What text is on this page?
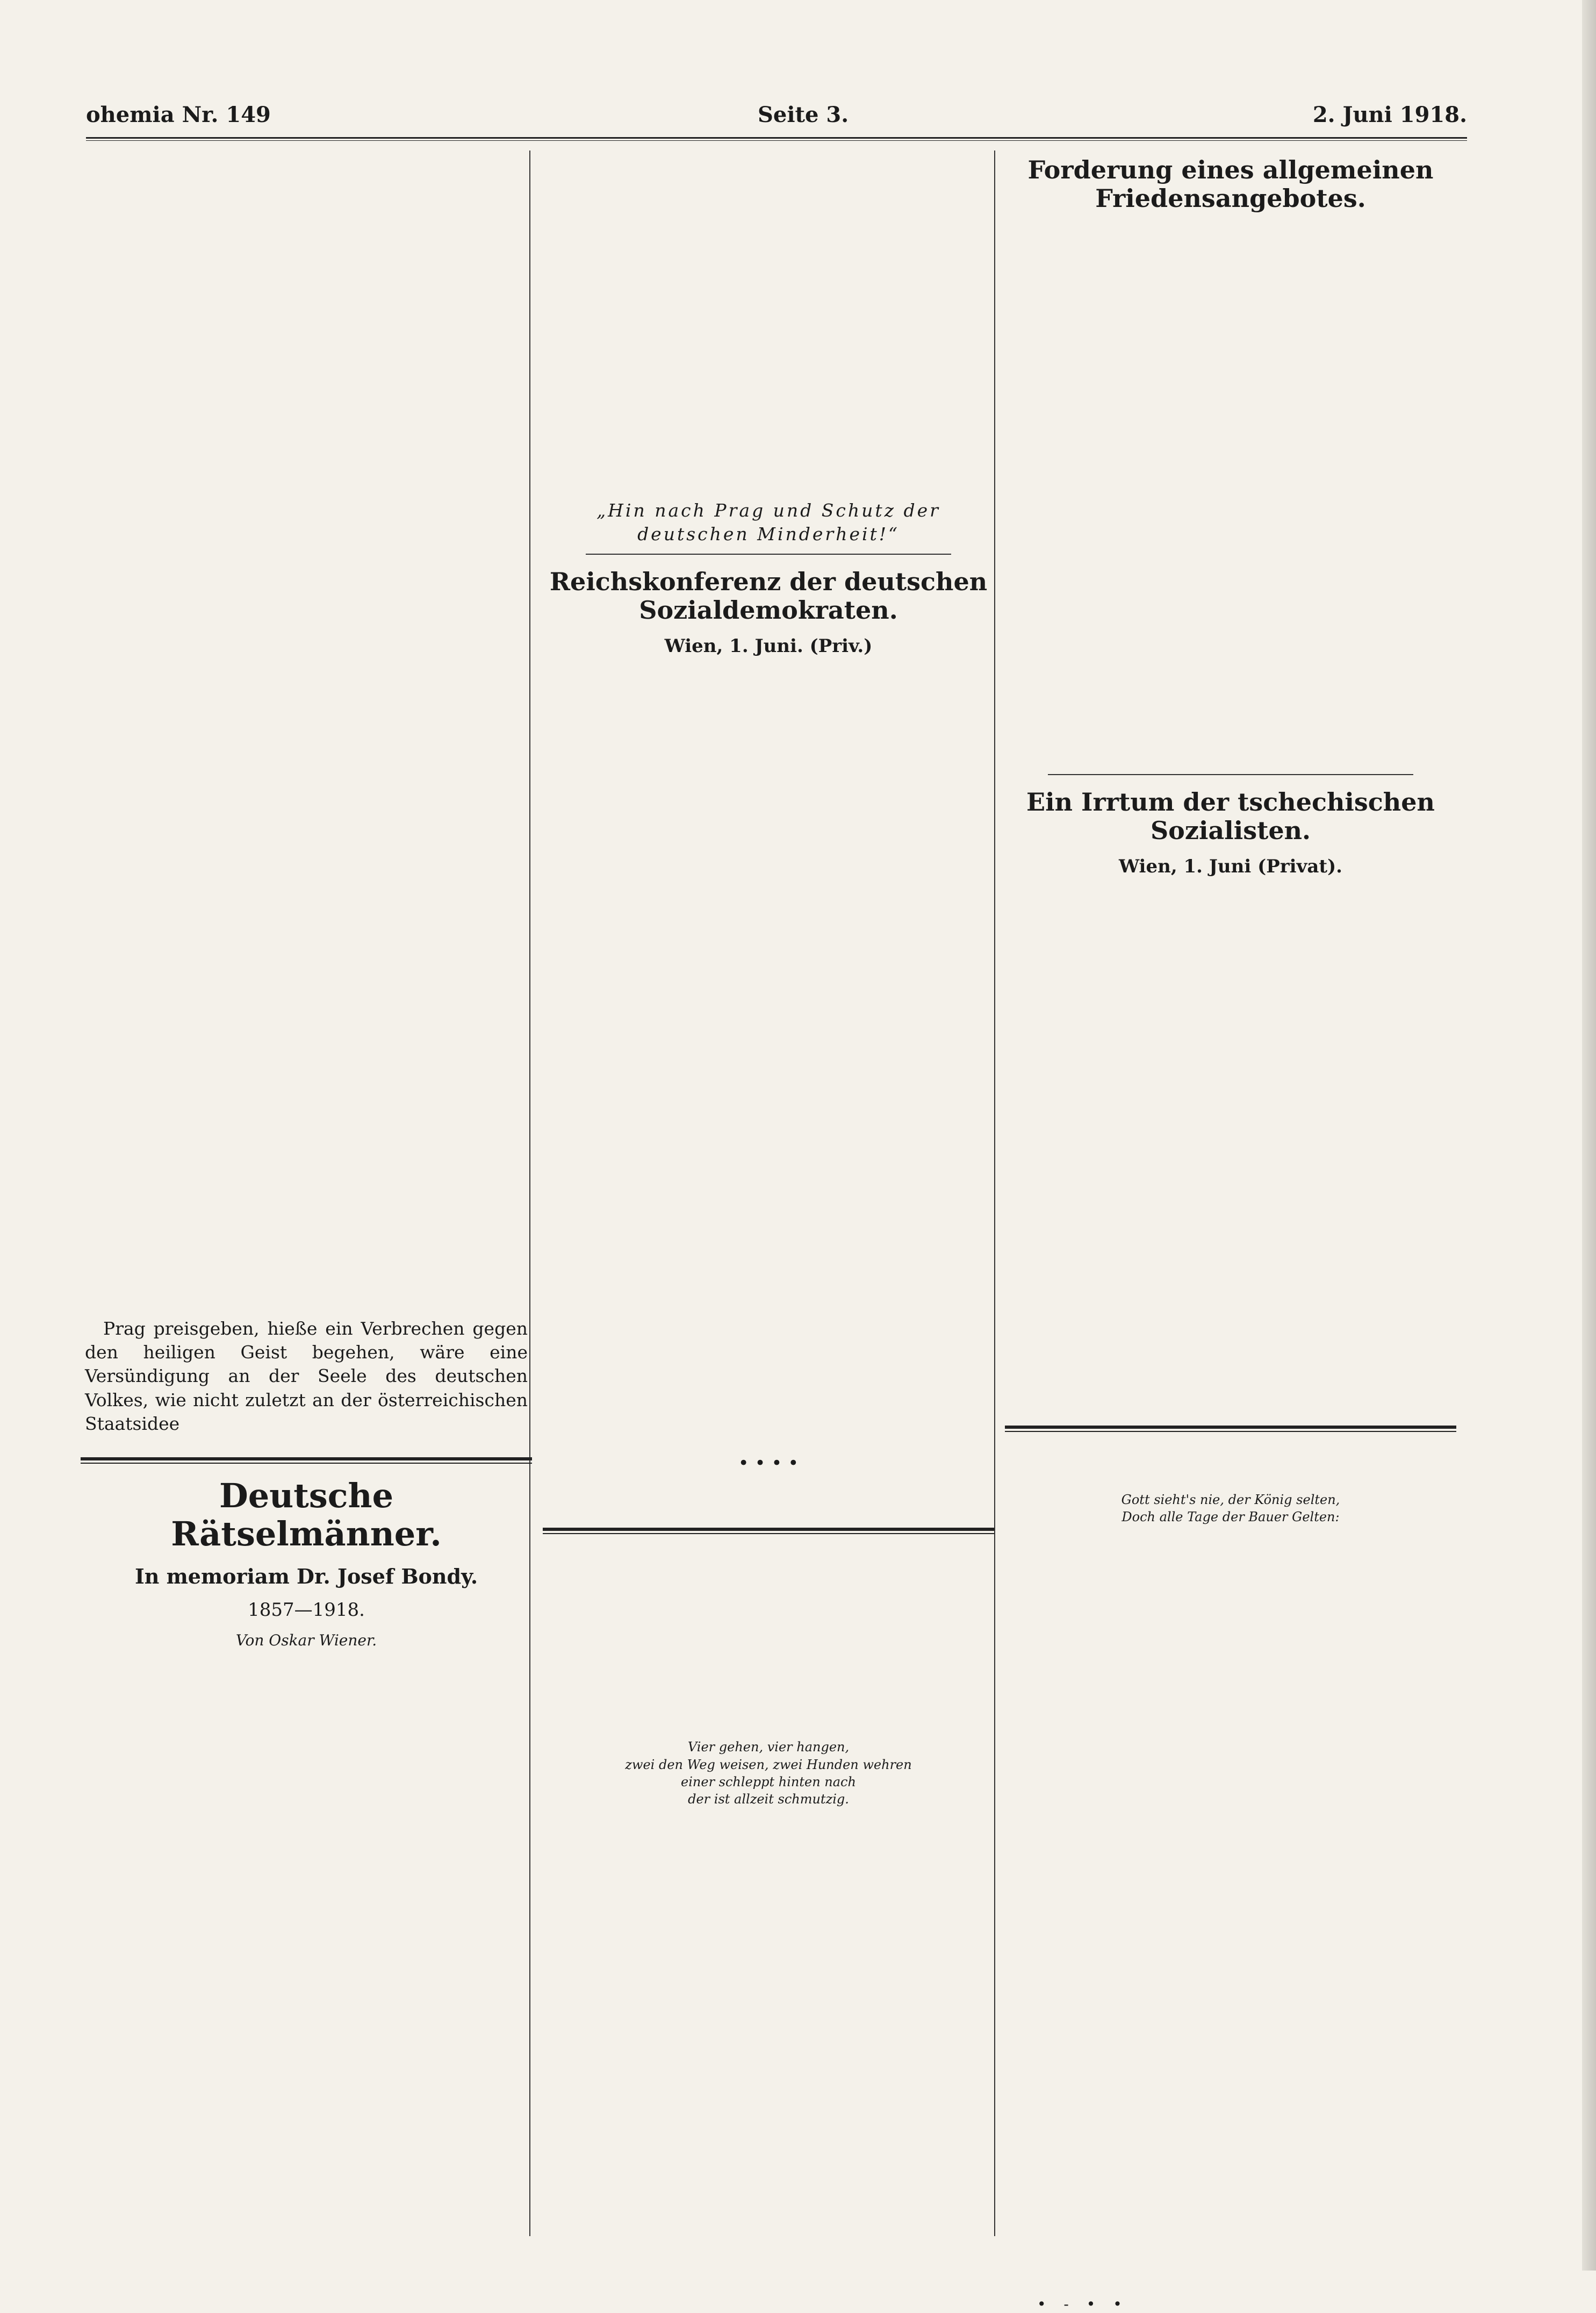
ohemia Nr. 149	Seite 3.	2. Juni 1918.

Prag preisgeben, hieße ein Verbrechen gegen den heiligen Geist begehen, wäre eine Versündigung an der Seele des deutschen Volkes, wie nicht zuletzt an der österreichischen Staatsidee

Deutsche Rätselmänner.
In memoriam Dr. Josef Bondy.
1857—1918.
Von Oskar Wiener.
„Hin nach Prag und Schutz der deutschen Minderheit!“
Reichskonferenz der deutschen Sozialdemokraten.
Wien, 1. Juni. (Priv.)
• • • •
Vier gehen, vier hangen,
zwei den Weg weisen, zwei Hunden wehren
einer schleppt hinten nach
der ist allzeit schmutzig.
Forderung eines allgemeinen Friedensangebotes.
Ein Irrtum der tschechischen Sozialisten.
Wien, 1. Juni (Privat).
Gott sieht's nie, der König selten,
Doch alle Tage der Bauer Gelten:
• - • •
